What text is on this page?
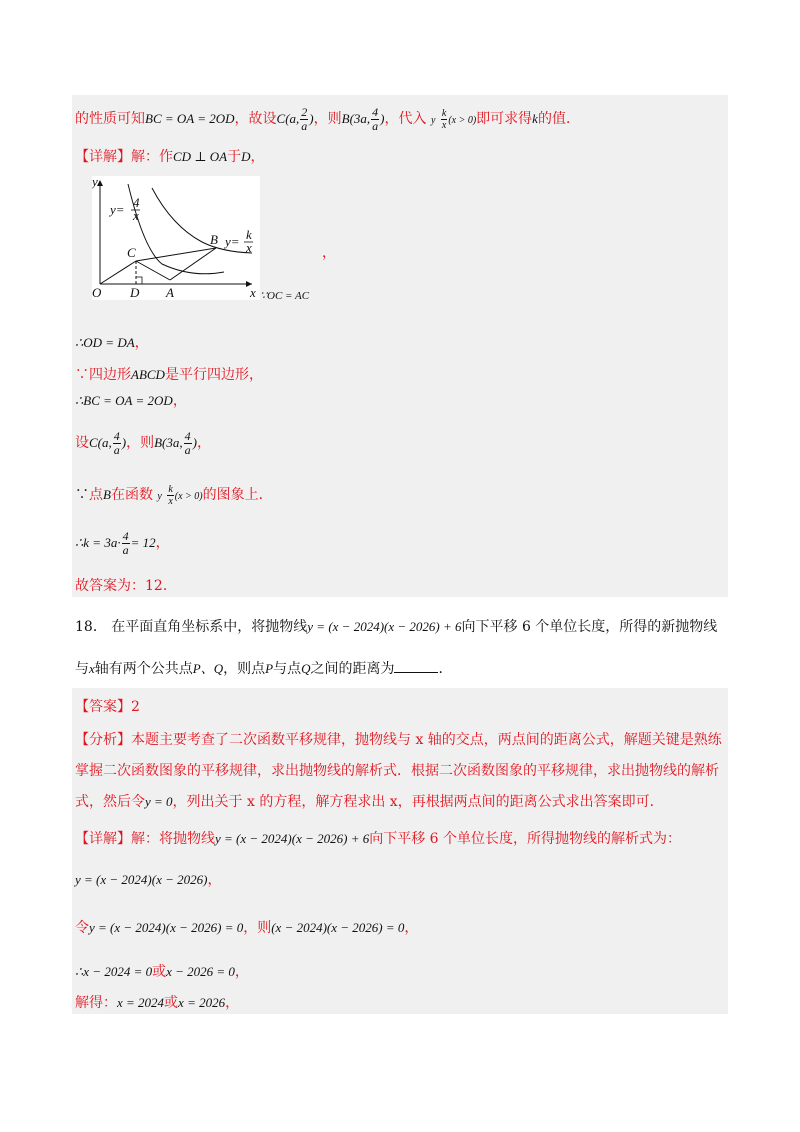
的性质可知BC = OA = 2OD，故设C(a, $\frac{2}{a}$ )，则B(3a, $\frac{4}{a}$ )，代入 y $\frac{k}{x} (x > 0)$即可求得k的值．
【详解】解：作CD ⊥ OA于D，
y
x
O
C
D A
B
y= 4
x
y= k
x	，
∵OC = AC
∴OD = DA，
∵四边形ABCD是平行四边形，
∴BC = OA = 2OD，
设C(a, $\frac{4}{a}$ )，则B(3a, $\frac{4}{a}$ )，
∵点B在函数 y $\frac{k}{x} (x > 0)$的图象上．
∴k = $3a\cdot \frac{4}{a} = 12$，
故答案为：12．
18． 在平面直角坐标系中，将抛物线y = (x − 2024)(x − 2026) + 6向下平移 6 个单位长度，所得的新抛物线
与x轴有两个公共点P、Q，则点P与点Q之间的距离为	．
【答案】2
【分析】本题主要考查了二次函数平移规律，抛物线与 x 轴的交点，两点间的距离公式，解题关键是熟练
掌握二次函数图象的平移规律，求出抛物线的解析式．根据二次函数图象的平移规律，求出抛物线的解析
式，然后令y = 0，列出关于 x 的方程，解方程求出 x，再根据两点间的距离公式求出答案即可．
【详解】解：将抛物线y = (x − 2024)(x − 2026) + 6向下平移 6 个单位长度，所得抛物线的解析式为：
y = (x − 2024)(x − 2026)，
令y = (x − 2024)(x − 2026) = 0，则(x − 2024)(x − 2026) = 0，
∴x − 2024 = 0或x − 2026 = 0，
解得：x = 2024或x = 2026，
